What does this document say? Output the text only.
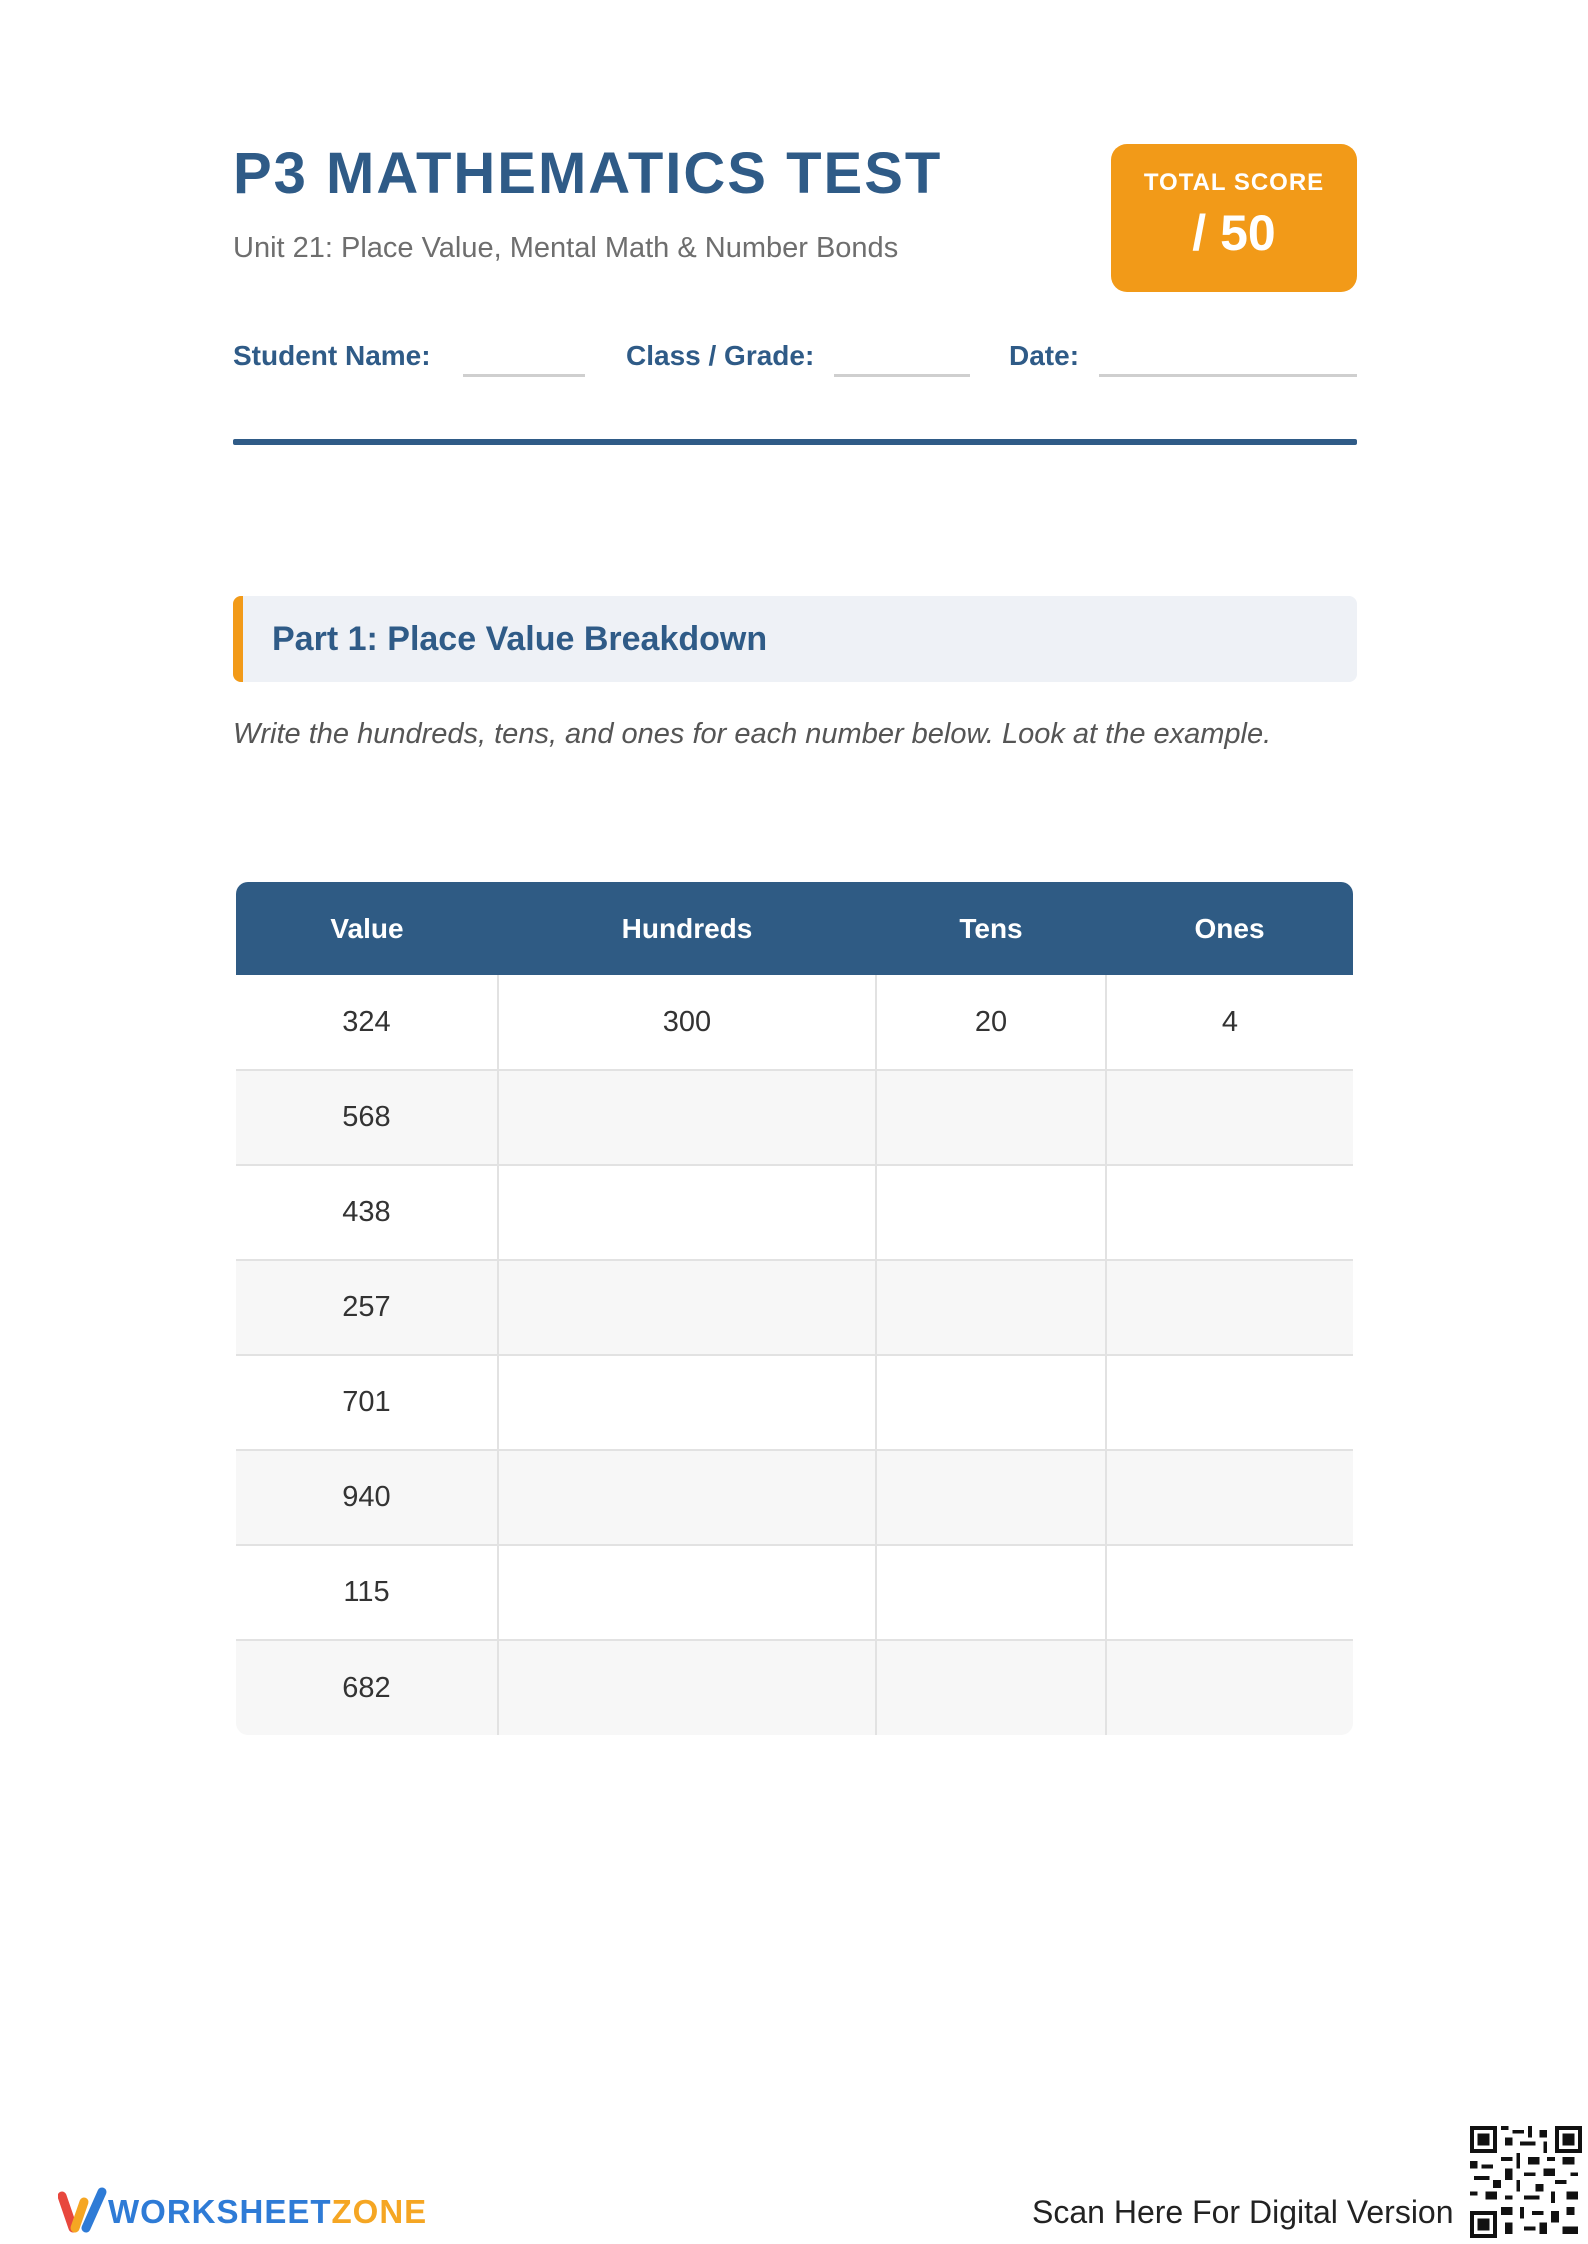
P3 MATHEMATICS TEST
Unit 21: Place Value, Mental Math & Number Bonds
TOTAL SCORE
/ 50
Student Name:	Class / Grade:	Date:
Part 1: Place Value Breakdown
Write the hundreds, tens, and ones for each number below. Look at the example.
Value	Hundreds	Tens	Ones
324	300	20	4
568			
438			
257			
701			
940			
115			
682			
WORKSHEETZONE	Scan Here For Digital Version
